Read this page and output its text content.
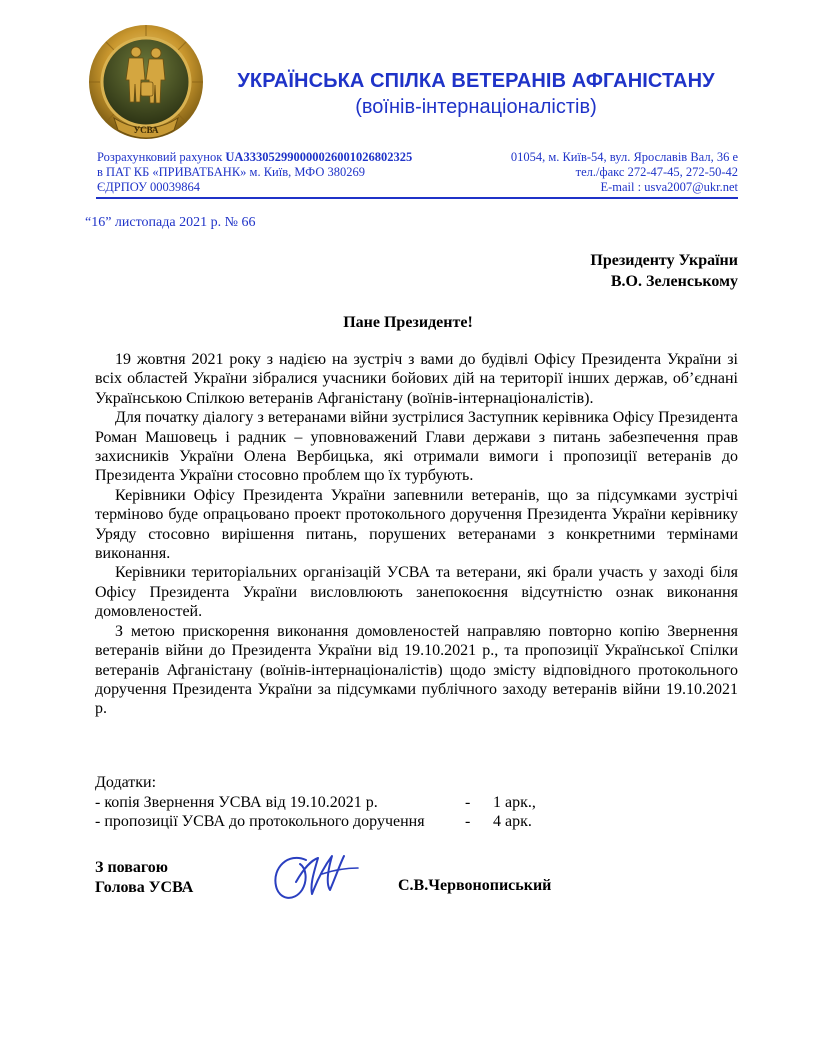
УСВА
УКРАЇНСЬКА СПІЛКА ВЕТЕРАНІВ АФГАНІСТАНУ
(воїнів-інтернаціоналістів)
Розрахунковий рахунок UA333052990000026001026802325
в ПАТ КБ «ПРИВАТБАНК» м. Київ, МФО 380269
ЄДРПОУ 00039864
01054, м. Київ-54, вул. Ярославів Вал, 36 е
тел./факс 272-47-45, 272-50-42
E-mail : usva2007@ukr.net
“16” листопада 2021 р. № 66
Президенту України
В.О. Зеленському
Пане Президенте!

19 жовтня 2021 року з надією на зустріч з вами до будівлі Офісу Президента України зі всіх областей України зібралися учасники бойових дій на території інших держав, об’єднані Українською Спілкою ветеранів Афганістану (воїнів-інтернаціоналістів).

Для початку діалогу з ветеранами війни зустрілися Заступник керівника Офісу Президента Роман Машовець і радник – уповноважений Глави держави з питань забезпечення прав захисників України Олена Вербицька, які отримали вимоги і пропозиції ветеранів до Президента України стосовно проблем що їх турбують.

Керівники Офісу Президента України запевнили ветеранів, що за підсумками зустрічі терміново буде опрацьовано проект протокольного доручення Президента України керівнику Уряду стосовно вирішення питань, порушених ветеранами з конкретними термінами виконання.

Керівники територіальних організацій УСВА та ветерани, які брали участь у заході біля Офісу Президента України висловлюють занепокоєння відсутністю ознак виконання домовленостей.

З метою прискорення виконання домовленостей направляю повторно копію Звернення ветеранів війни до Президента України від 19.10.2021 р., та пропозиції Української Спілки ветеранів Афганістану (воїнів-інтернаціоналістів) щодо змісту відповідного протокольного доручення Президента України за підсумками публічного заходу ветеранів війни 19.10.2021 р.

Додатки:
- копія Звернення УСВА від 19.10.2021 р.	-	1 арк.,
- пропозиції УСВА до протокольного доручення	-	4 арк.
З повагою
Голова УСВА	С.В.Червонописький
